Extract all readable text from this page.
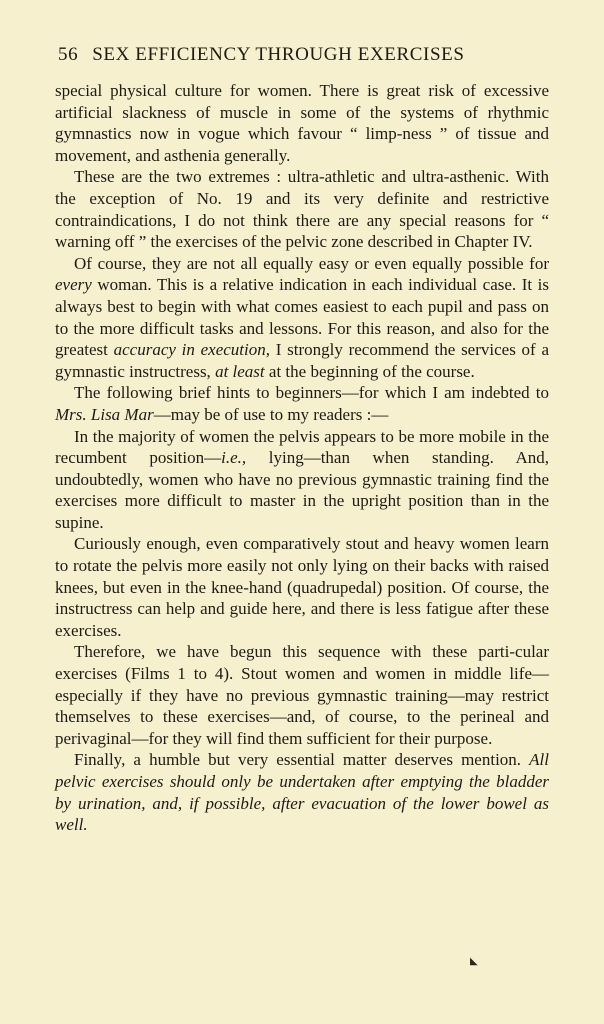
56 SEX EFFICIENCY THROUGH EXERCISES

special physical culture for women. There is great risk of excessive artificial slackness of muscle in some of the systems of rhythmic gymnastics now in vogue which favour “ limp-ness ” of tissue and movement, and asthenia generally.

These are the two extremes : ultra-athletic and ultra-asthenic. With the exception of No. 19 and its very definite and restrictive contraindications, I do not think there are any special reasons for “ warning off ” the exercises of the pelvic zone described in Chapter IV.

Of course, they are not all equally easy or even equally possible for every woman. This is a relative indication in each individual case. It is always best to begin with what comes easiest to each pupil and pass on to the more difficult tasks and lessons. For this reason, and also for the greatest accuracy in execution, I strongly recommend the services of a gymnastic instructress, at least at the beginning of the course.

The following brief hints to beginners—for which I am indebted to Mrs. Lisa Mar—may be of use to my readers :—

In the majority of women the pelvis appears to be more mobile in the recumbent position—i.e., lying—than when standing. And, undoubtedly, women who have no previous gymnastic training find the exercises more difficult to master in the upright position than in the supine.

Curiously enough, even comparatively stout and heavy women learn to rotate the pelvis more easily not only lying on their backs with raised knees, but even in the knee-hand (quadrupedal) position. Of course, the instructress can help and guide here, and there is less fatigue after these exercises.

Therefore, we have begun this sequence with these parti-cular exercises (Films 1 to 4). Stout women and women in middle life—especially if they have no previous gymnastic training—may restrict themselves to these exercises—and, of course, to the perineal and perivaginal—for they will find them sufficient for their purpose.

Finally, a humble but very essential matter deserves mention. All pelvic exercises should only be undertaken after emptying the bladder by urination, and, if possible, after evacuation of the lower bowel as well.

◣
